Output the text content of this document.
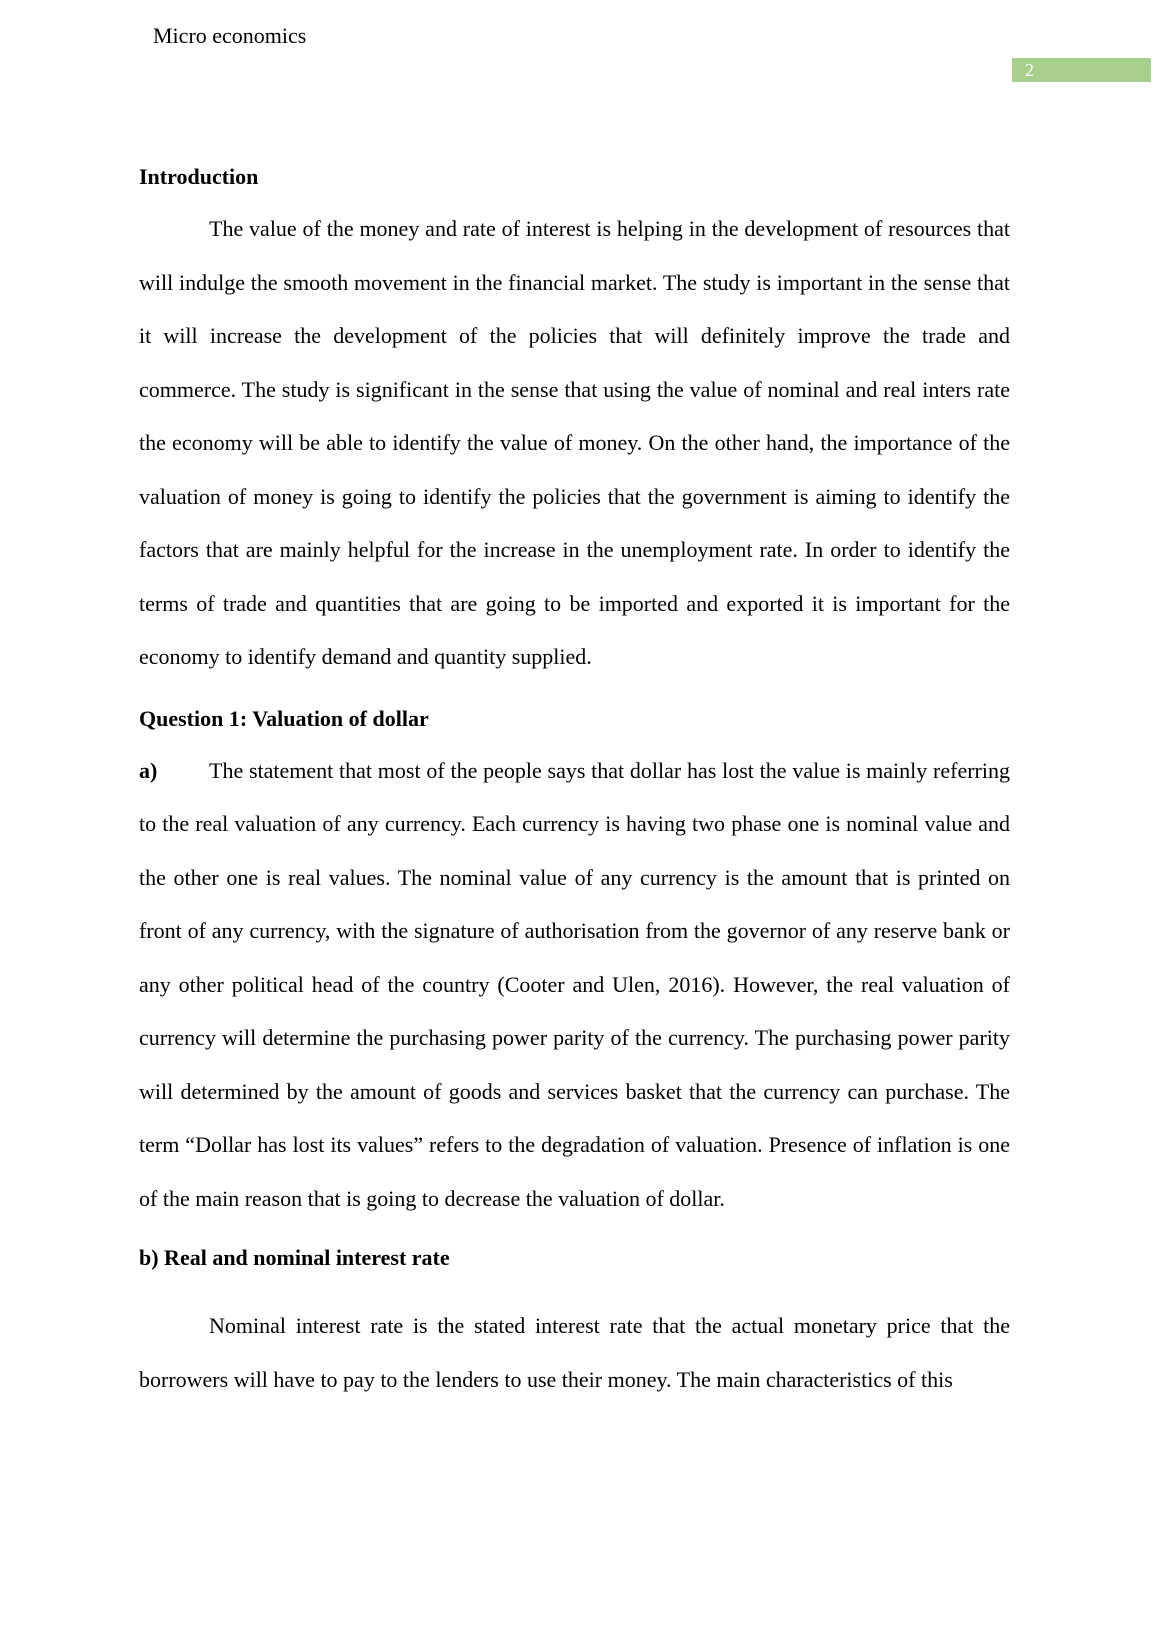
Micro economics
2
Introduction

The value of the money and rate of interest is helping in the development of resources that will indulge the smooth movement in the financial market. The study is important in the sense that it will increase the development of the policies that will definitely improve the trade and commerce. The study is significant in the sense that using the value of nominal and real inters rate the economy will be able to identify the value of money. On the other hand, the importance of the valuation of money is going to identify the policies that the government is aiming to identify the factors that are mainly helpful for the increase in the unemployment rate. In order to identify the terms of trade and quantities that are going to be imported and exported it is important for the economy to identify demand and quantity supplied.

Question 1: Valuation of dollar

a) The statement that most of the people says that dollar has lost the value is mainly referring to the real valuation of any currency. Each currency is having two phase one is nominal value and the other one is real values. The nominal value of any currency is the amount that is printed on front of any currency, with the signature of authorisation from the governor of any reserve bank or any other political head of the country (Cooter and Ulen, 2016). However, the real valuation of currency will determine the purchasing power parity of the currency. The purchasing power parity will determined by the amount of goods and services basket that the currency can purchase. The term “Dollar has lost its values” refers to the degradation of valuation. Presence of inflation is one of the main reason that is going to decrease the valuation of dollar.

b) Real and nominal interest rate

Nominal interest rate is the stated interest rate that the actual monetary price that the borrowers will have to pay to the lenders to use their money. The main characteristics of this
